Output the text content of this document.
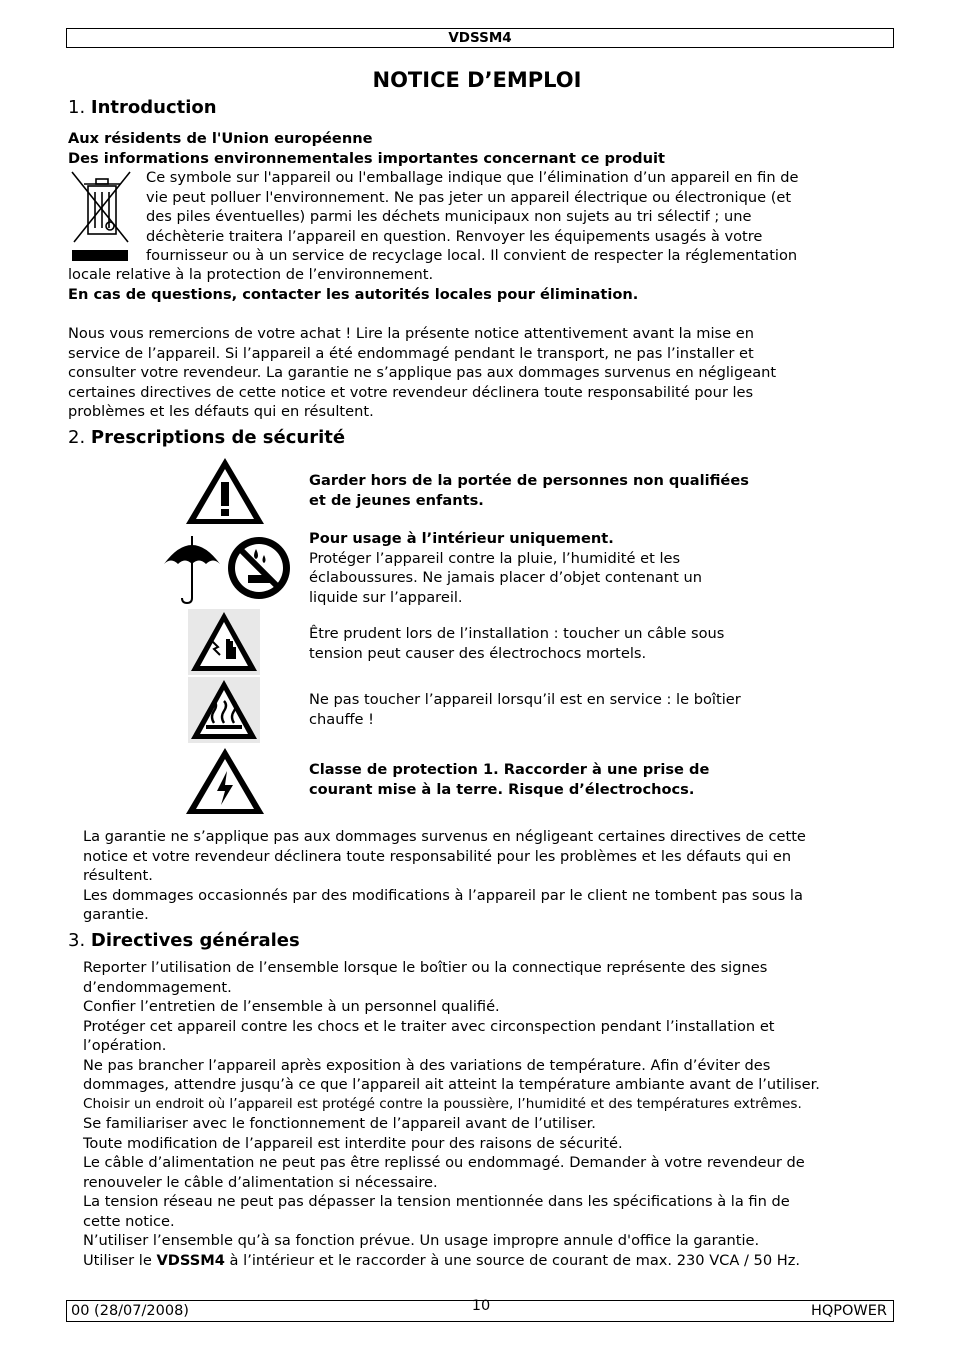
VDSSM4
NOTICE D’EMPLOI
1. Introduction
Aux résidents de l'Union européenne
Des informations environnementales importantes concernant ce produit
Ce symbole sur l'appareil ou l'emballage indique que l’élimination d’un appareil en fin de
vie peut polluer l'environnement. Ne pas jeter un appareil électrique ou électronique (et
des piles éventuelles) parmi les déchets municipaux non sujets au tri sélectif ; une
déchèterie traitera l’appareil en question. Renvoyer les équipements usagés à votre
fournisseur ou à un service de recyclage local. Il convient de respecter la réglementation
locale relative à la protection de l’environnement.
En cas de questions, contacter les autorités locales pour élimination.
Nous vous remercions de votre achat ! Lire la présente notice attentivement avant la mise en
service de l’appareil. Si l’appareil a été endommagé pendant le transport, ne pas l’installer et
consulter votre revendeur. La garantie ne s’applique pas aux dommages survenus en négligeant
certaines directives de cette notice et votre revendeur déclinera toute responsabilité pour les
problèmes et les défauts qui en résultent.
2. Prescriptions de sécurité
Garder hors de la portée de personnes non qualifiées
et de jeunes enfants.
Pour usage à l’intérieur uniquement.
Protéger l’appareil contre la pluie, l’humidité et les
éclaboussures. Ne jamais placer d’objet contenant un
liquide sur l’appareil.
Être prudent lors de l’installation : toucher un câble sous
tension peut causer des électrochocs mortels.
Ne pas toucher l’appareil lorsqu’il est en service : le boîtier
chauffe !
Classe de protection 1. Raccorder à une prise de
courant mise à la terre. Risque d’électrochocs.
La garantie ne s’applique pas aux dommages survenus en négligeant certaines directives de cette
notice et votre revendeur déclinera toute responsabilité pour les problèmes et les défauts qui en
résultent.
Les dommages occasionnés par des modifications à l’appareil par le client ne tombent pas sous la
garantie.
3. Directives générales
Reporter l’utilisation de l’ensemble lorsque le boîtier ou la connectique représente des signes
d’endommagement.
Confier l’entretien de l’ensemble à un personnel qualifié.
Protéger cet appareil contre les chocs et le traiter avec circonspection pendant l’installation et
l’opération.
Ne pas brancher l’appareil après exposition à des variations de température. Afin d’éviter des
dommages, attendre jusqu’à ce que l’appareil ait atteint la température ambiante avant de l’utiliser.
Choisir un endroit où l’appareil est protégé contre la poussière, l’humidité et des températures extrêmes.
Se familiariser avec le fonctionnement de l’appareil avant de l’utiliser.
Toute modification de l’appareil est interdite pour des raisons de sécurité.
Le câble d’alimentation ne peut pas être replissé ou endommagé. Demander à votre revendeur de
renouveler le câble d’alimentation si nécessaire.
La tension réseau ne peut pas dépasser la tension mentionnée dans les spécifications à la fin de
cette notice.
N’utiliser l’ensemble qu’à sa fonction prévue. Un usage impropre annule d'office la garantie.
Utiliser le VDSSM4 à l’intérieur et le raccorder à une source de courant de max. 230 VCA / 50 Hz.
00 (28/07/2008)	10	HQPOWER
